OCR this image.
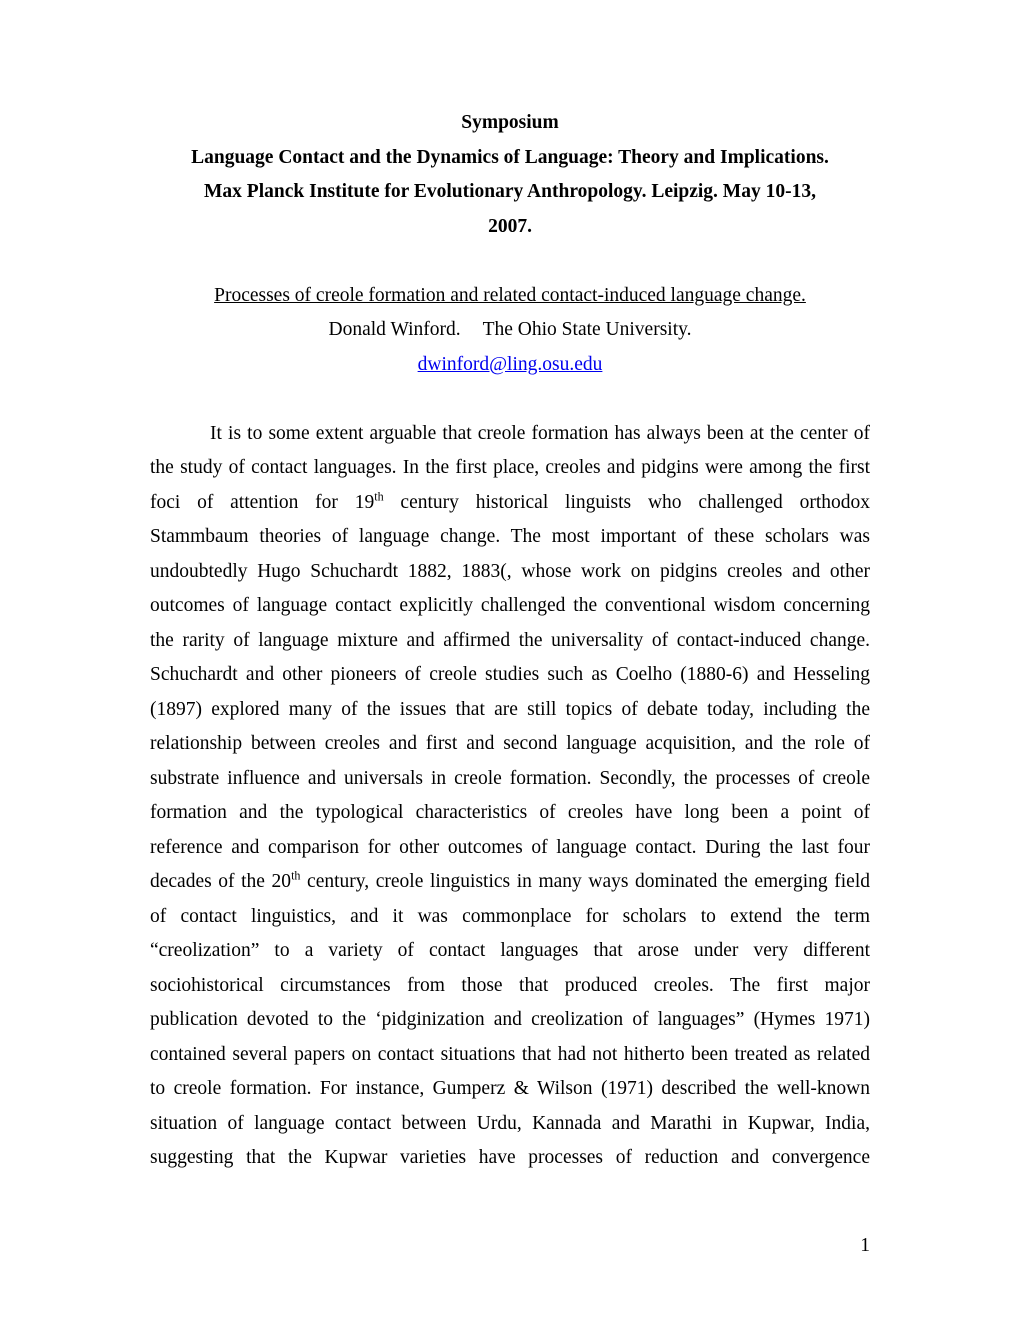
Symposium
Language Contact and the Dynamics of Language: Theory and Implications.
Max Planck Institute for Evolutionary Anthropology. Leipzig. May 10-13,
2007.
Processes of creole formation and related contact-induced language change.
Donald Winford. The Ohio State University.
dwinford@ling.osu.edu
It is to some extent arguable that creole formation has always been at the center of
the study of contact languages. In the first place, creoles and pidgins were among the first
foci of attention for 19th century historical linguists who challenged orthodox
Stammbaum theories of language change. The most important of these scholars was
undoubtedly Hugo Schuchardt 1882, 1883(, whose work on pidgins creoles and other
outcomes of language contact explicitly challenged the conventional wisdom concerning
the rarity of language mixture and affirmed the universality of contact-induced change.
Schuchardt and other pioneers of creole studies such as Coelho (1880-6) and Hesseling
(1897) explored many of the issues that are still topics of debate today, including the
relationship between creoles and first and second language acquisition, and the role of
substrate influence and universals in creole formation. Secondly, the processes of creole
formation and the typological characteristics of creoles have long been a point of
reference and comparison for other outcomes of language contact. During the last four
decades of the 20th century, creole linguistics in many ways dominated the emerging field
of contact linguistics, and it was commonplace for scholars to extend the term
“creolization” to a variety of contact languages that arose under very different
sociohistorical circumstances from those that produced creoles. The first major
publication devoted to the ‘pidginization and creolization of languages” (Hymes 1971)
contained several papers on contact situations that had not hitherto been treated as related
to creole formation. For instance, Gumperz & Wilson (1971) described the well-known
situation of language contact between Urdu, Kannada and Marathi in Kupwar, India,
suggesting that the Kupwar varieties have processes of reduction and convergence
1
